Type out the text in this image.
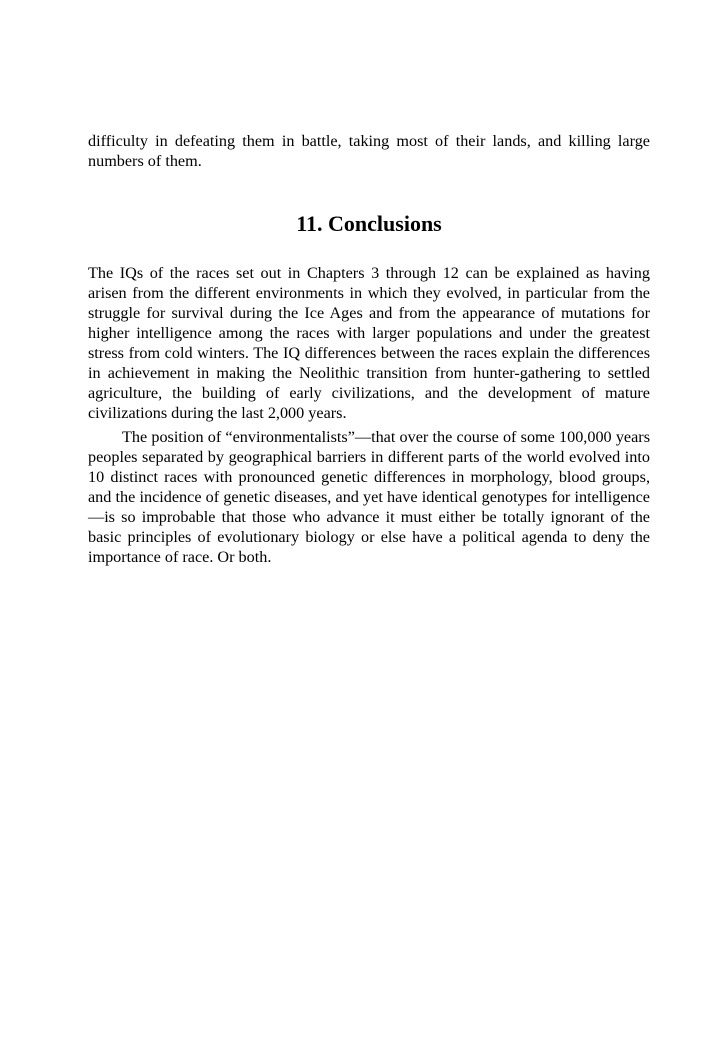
difficulty in defeating them in battle, taking most of their lands, and killing large numbers of them.

11. Conclusions

The IQs of the races set out in Chapters 3 through 12 can be explained as having arisen from the different environments in which they evolved, in particular from the struggle for survival during the Ice Ages and from the appearance of mutations for higher intelligence among the races with larger populations and under the greatest stress from cold winters. The IQ differences between the races explain the differences in achievement in making the Neolithic transition from hunter-gathering to settled agriculture, the building of early civilizations, and the development of mature civilizations during the last 2,000 years.

The position of “environmentalists”—that over the course of some 100,000 years peoples separated by geographical barriers in different parts of the world evolved into 10 distinct races with pronounced genetic differences in morphology, blood groups, and the incidence of genetic diseases, and yet have identical genotypes for intelligence—is so improbable that those who advance it must either be totally ignorant of the basic principles of evolutionary biology or else have a political agenda to deny the importance of race. Or both.
